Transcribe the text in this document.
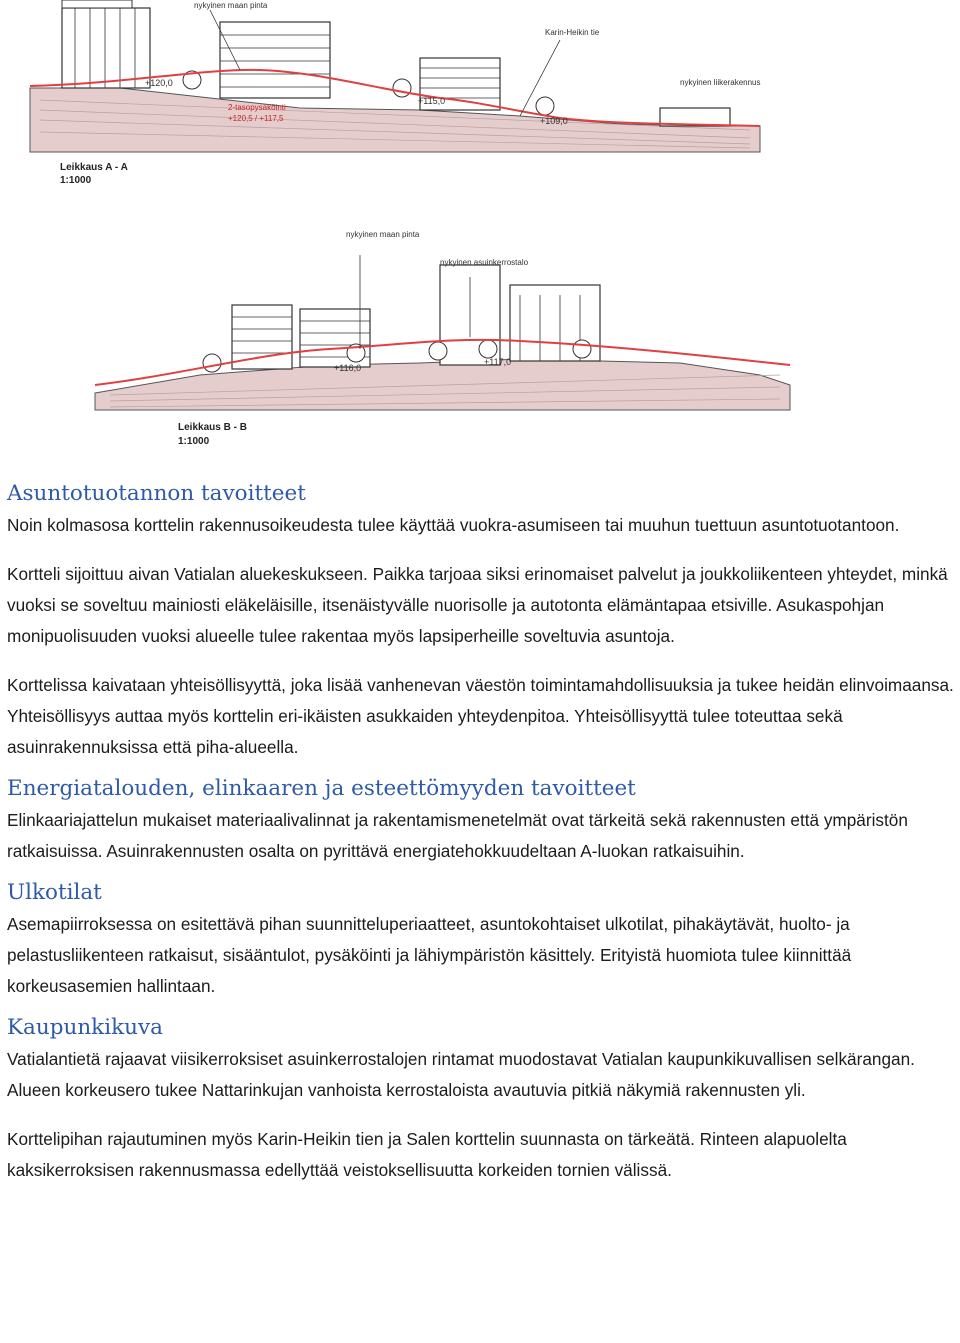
nykyinen maan pinta
Karin-Heikin tie
nykyinen liikerakennus
2-tasopysäköinti
+120,5 / +117,5
+120,0
+115,0
+109,0
Leikkaus A - A
1:1000
nykyinen maan pinta
nykyinen asuinkerrostalo
+116,0
+117,0
Leikkaus B - B
1:1000
Asuntotuotannon tavoitteet

Noin kolmasosa korttelin rakennusoikeudesta tulee käyttää vuokra-asumiseen tai muuhun tuettuun asuntotuotantoon.

Kortteli sijoittuu aivan Vatialan aluekeskukseen. Paikka tarjoaa siksi erinomaiset palvelut ja joukkoliikenteen yhteydet, minkä vuoksi se soveltuu mainiosti eläkeläisille, itsenäistyvälle nuorisolle ja autotonta elämäntapaa etsiville. Asukaspohjan monipuolisuuden vuoksi alueelle tulee rakentaa myös lapsiperheille soveltuvia asuntoja.

Korttelissa kaivataan yhteisöllisyyttä, joka lisää vanhenevan väestön toimintamahdollisuuksia ja tukee heidän elinvoimaansa. Yhteisöllisyys auttaa myös korttelin eri-ikäisten asukkaiden yhteydenpitoa. Yhteisöllisyyttä tulee toteuttaa sekä asuinrakennuksissa että piha-alueella.

Energiatalouden, elinkaaren ja esteettömyyden tavoitteet

Elinkaariajattelun mukaiset materiaalivalinnat ja rakentamismenetelmät ovat tärkeitä sekä rakennusten että ympäristön ratkaisuissa. Asuinrakennusten osalta on pyrittävä energiatehokkuudeltaan A-luokan ratkaisuihin.

Ulkotilat

Asemapiirroksessa on esitettävä pihan suunnitteluperiaatteet, asuntokohtaiset ulkotilat, pihakäytävät, huolto- ja pelastusliikenteen ratkaisut, sisääntulot, pysäköinti ja lähiympäristön käsittely. Erityistä huomiota tulee kiinnittää korkeusasemien hallintaan.

Kaupunkikuva

Vatialantietä rajaavat viisikerroksiset asuinkerrostalojen rintamat muodostavat Vatialan kaupunkikuvallisen selkärangan. Alueen korkeusero tukee Nattarinkujan vanhoista kerrostaloista avautuvia pitkiä näkymiä rakennusten yli.

Korttelipihan rajautuminen myös Karin-Heikin tien ja Salen korttelin suunnasta on tärkeätä. Rinteen alapuolelta kaksikerroksisen rakennusmassa edellyttää veistoksellisuutta korkeiden tornien välissä.
